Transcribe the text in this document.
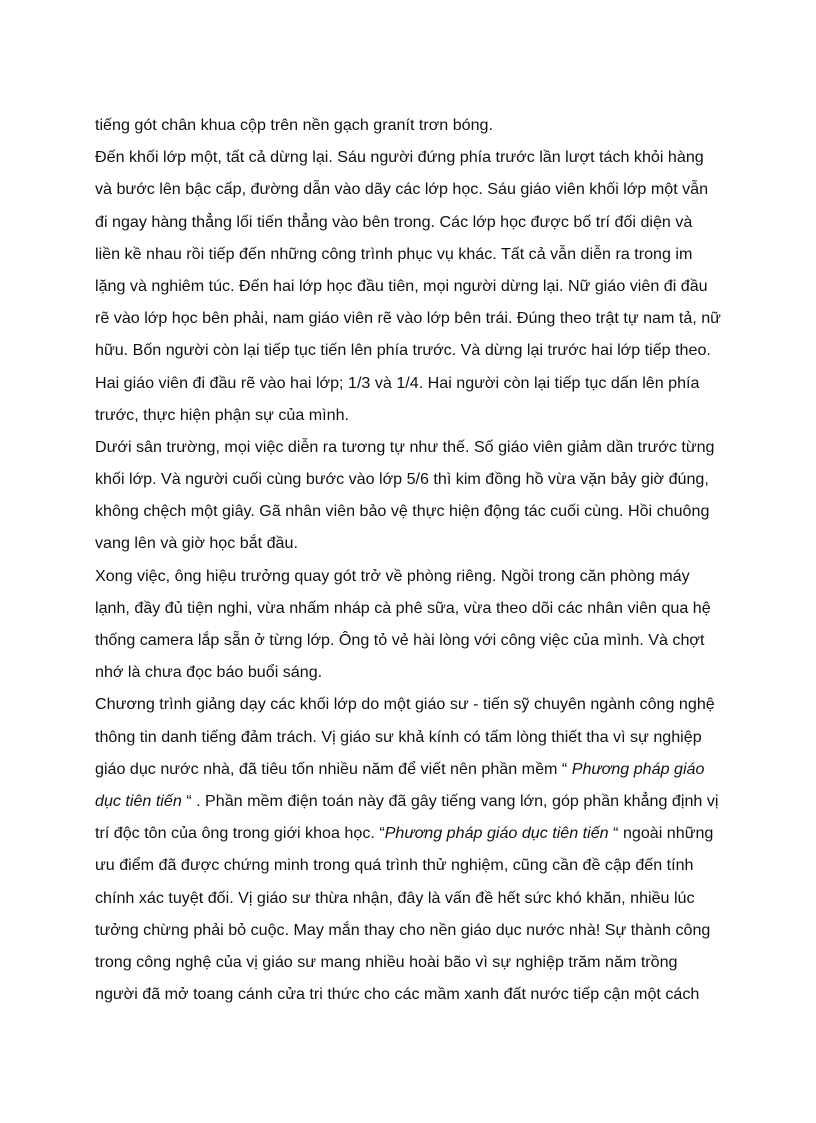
tiếng gót chân khua cộp trên nền gạch granít trơn bóng.
Đến khối lớp một, tất cả dừng lại. Sáu người đứng phía trước lần lượt tách khỏi hàng
và bước lên bậc cấp, đường dẫn vào dãy các lớp học. Sáu giáo viên khối lớp một vẫn
đi ngay hàng thẳng lối tiến thẳng vào bên trong. Các lớp học được bố trí đối diện và
liền kề nhau rồi tiếp đến những công trình phục vụ khác. Tất cả vẫn diễn ra trong im
lặng và nghiêm túc. Đến hai lớp học đầu tiên, mọi người dừng lại. Nữ giáo viên đi đầu
rẽ vào lớp học bên phải, nam giáo viên rẽ vào lớp bên trái. Đúng theo trật tự nam tả, nữ
hữu. Bốn người còn lại tiếp tục tiến lên phía trước. Và dừng lại trước hai lớp tiếp theo.
Hai giáo viên đi đầu rẽ vào hai lớp; 1/3 và 1/4. Hai người còn lại tiếp tục dấn lên phía
trước, thực hiện phận sự của mình.
Dưới sân trường, mọi việc diễn ra tương tự như thế. Số giáo viên giảm dần trước từng
khối lớp. Và người cuối cùng bước vào lớp 5/6 thì kim đồng hồ vừa vặn bảy giờ đúng,
không chệch một giây. Gã nhân viên bảo vệ thực hiện động tác cuối cùng. Hồi chuông
vang lên và giờ học bắt đầu.
Xong việc, ông hiệu trưởng quay gót trở về phòng riêng. Ngồi trong căn phòng máy
lạnh, đầy đủ tiện nghi, vừa nhấm nháp cà phê sữa, vừa theo dõi các nhân viên qua hệ
thống camera lắp sẵn ở từng lớp. Ông tỏ vẻ hài lòng với công việc của mình. Và chợt
nhớ là chưa đọc báo buổi sáng.
Chương trình giảng dạy các khối lớp do một giáo sư - tiến sỹ chuyên ngành công nghệ
thông tin danh tiếng đảm trách. Vị giáo sư khả kính có tấm lòng thiết tha vì sự nghiệp
giáo dục nước nhà, đã tiêu tốn nhiều năm để viết nên phần mềm “ Phương pháp giáo
dục tiên tiến “ . Phần mềm điện toán này đã gây tiếng vang lớn, góp phần khẳng định vị
trí độc tôn của ông trong giới khoa học. “Phương pháp giáo dục tiên tiến “ ngoài những
ưu điểm đã được chứng minh trong quá trình thử nghiệm, cũng cần đề cập đến tính
chính xác tuyệt đối. Vị giáo sư thừa nhận, đây là vấn đề hết sức khó khăn, nhiều lúc
tưởng chừng phải bỏ cuộc. May mắn thay cho nền giáo dục nước nhà! Sự thành công
trong công nghệ của vị giáo sư mang nhiều hoài bão vì sự nghiệp trăm năm trồng
người đã mở toang cánh cửa tri thức cho các mầm xanh đất nước tiếp cận một cách
